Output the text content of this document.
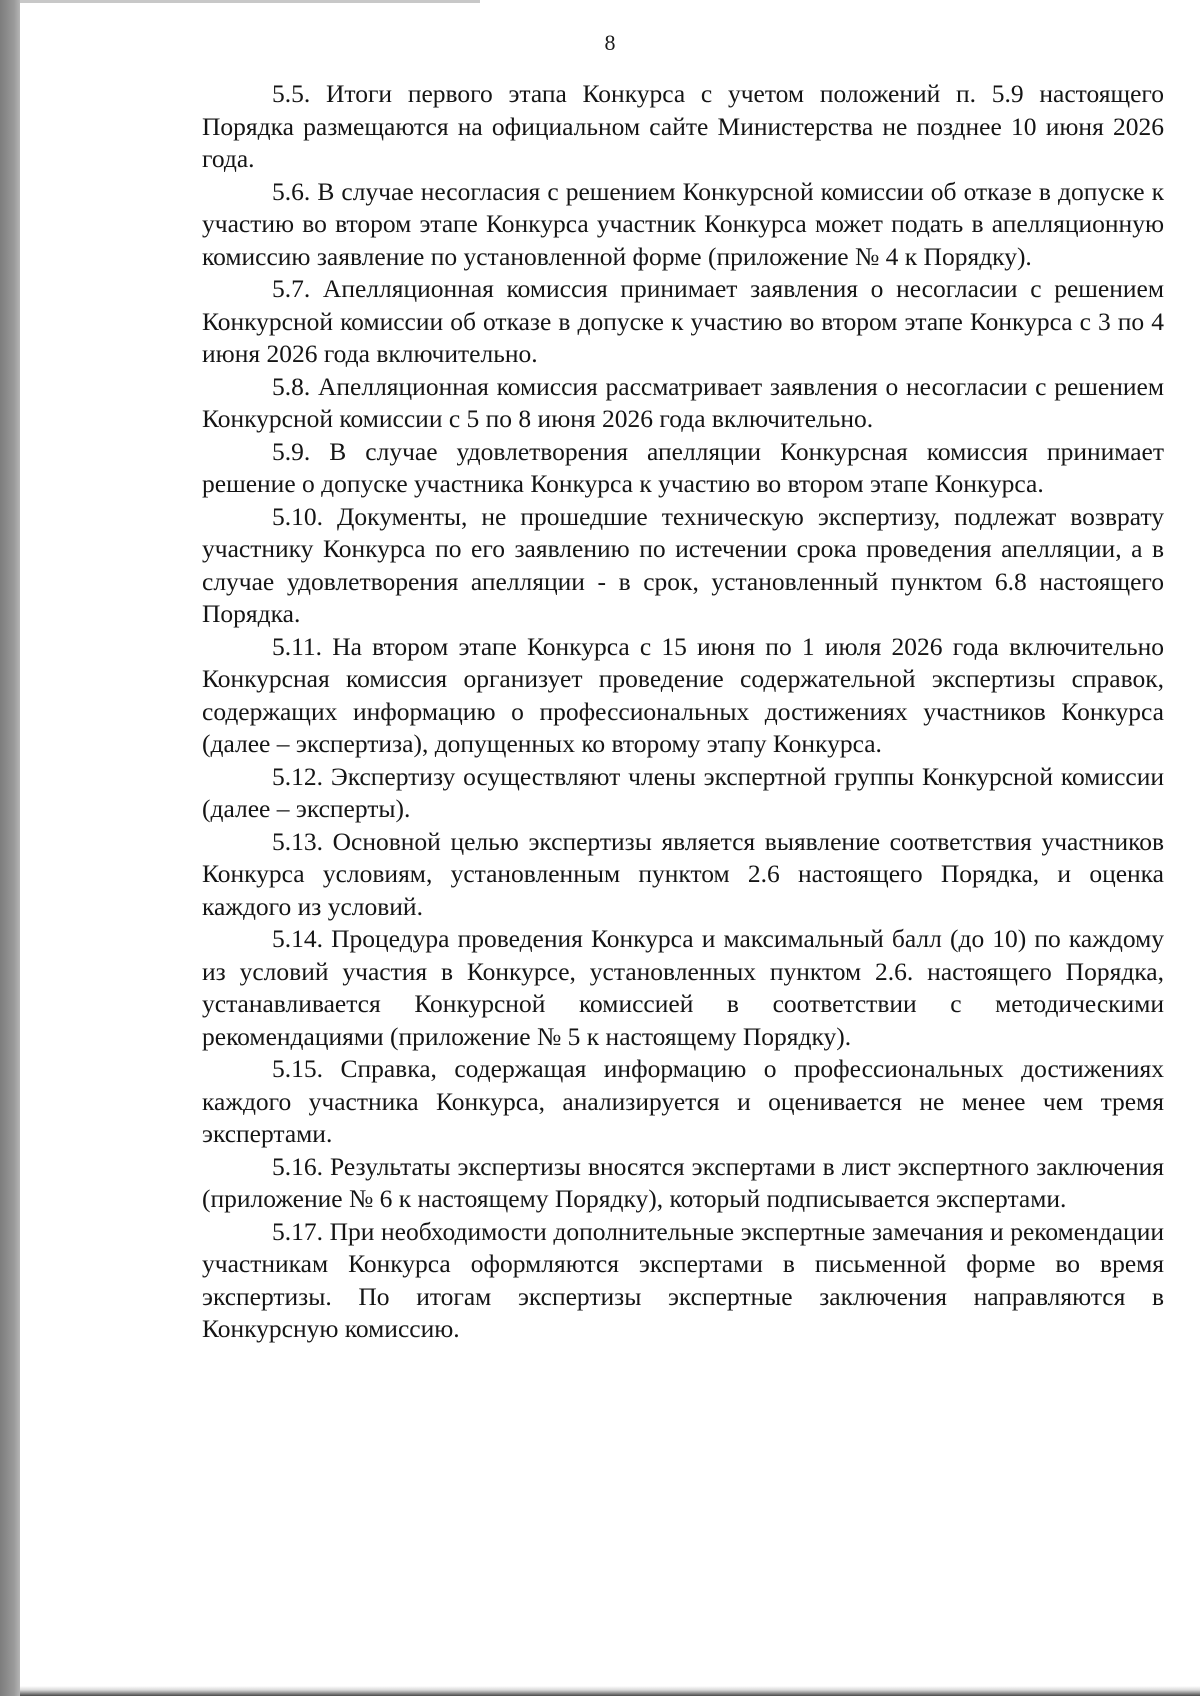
8

5.5. Итоги первого этапа Конкурса с учетом положений п. 5.9 настоящего Порядка размещаются на официальном сайте Министерства не позднее 10 июня 2026 года.

5.6. В случае несогласия с решением Конкурсной комиссии об отказе в допуске к участию во втором этапе Конкурса участник Конкурса может подать в апелляционную комиссию заявление по установленной форме (приложение № 4 к Порядку).

5.7. Апелляционная комиссия принимает заявления о несогласии с решением Конкурсной комиссии об отказе в допуске к участию во втором этапе Конкурса с 3 по 4 июня 2026 года включительно.

5.8. Апелляционная комиссия рассматривает заявления о несогласии с решением Конкурсной комиссии с 5 по 8 июня 2026 года включительно.

5.9. В случае удовлетворения апелляции Конкурсная комиссия принимает решение о допуске участника Конкурса к участию во втором этапе Конкурса.

5.10. Документы, не прошедшие техническую экспертизу, подлежат возврату участнику Конкурса по его заявлению по истечении срока проведения апелляции, а в случае удовлетворения апелляции - в срок, установленный пунктом 6.8 настоящего Порядка.

5.11. На втором этапе Конкурса с 15 июня по 1 июля 2026 года включительно Конкурсная комиссия организует проведение содержательной экспертизы справок, содержащих информацию о профессиональных достижениях участников Конкурса (далее – экспертиза), допущенных ко второму этапу Конкурса.

5.12. Экспертизу осуществляют члены экспертной группы Конкурсной комиссии (далее – эксперты).

5.13. Основной целью экспертизы является выявление соответствия участников Конкурса условиям, установленным пунктом 2.6 настоящего Порядка, и оценка каждого из условий.

5.14. Процедура проведения Конкурса и максимальный балл (до 10) по каждому из условий участия в Конкурсе, установленных пунктом 2.6. настоящего Порядка, устанавливается Конкурсной комиссией в соответствии с методическими рекомендациями (приложение № 5 к настоящему Порядку).

5.15. Справка, содержащая информацию о профессиональных достижениях каждого участника Конкурса, анализируется и оценивается не менее чем тремя экспертами.

5.16. Результаты экспертизы вносятся экспертами в лист экспертного заключения (приложение № 6 к настоящему Порядку), который подписывается экспертами.

5.17. При необходимости дополнительные экспертные замечания и рекомендации участникам Конкурса оформляются экспертами в письменной форме во время экспертизы. По итогам экспертизы экспертные заключения направляются в Конкурсную комиссию.
